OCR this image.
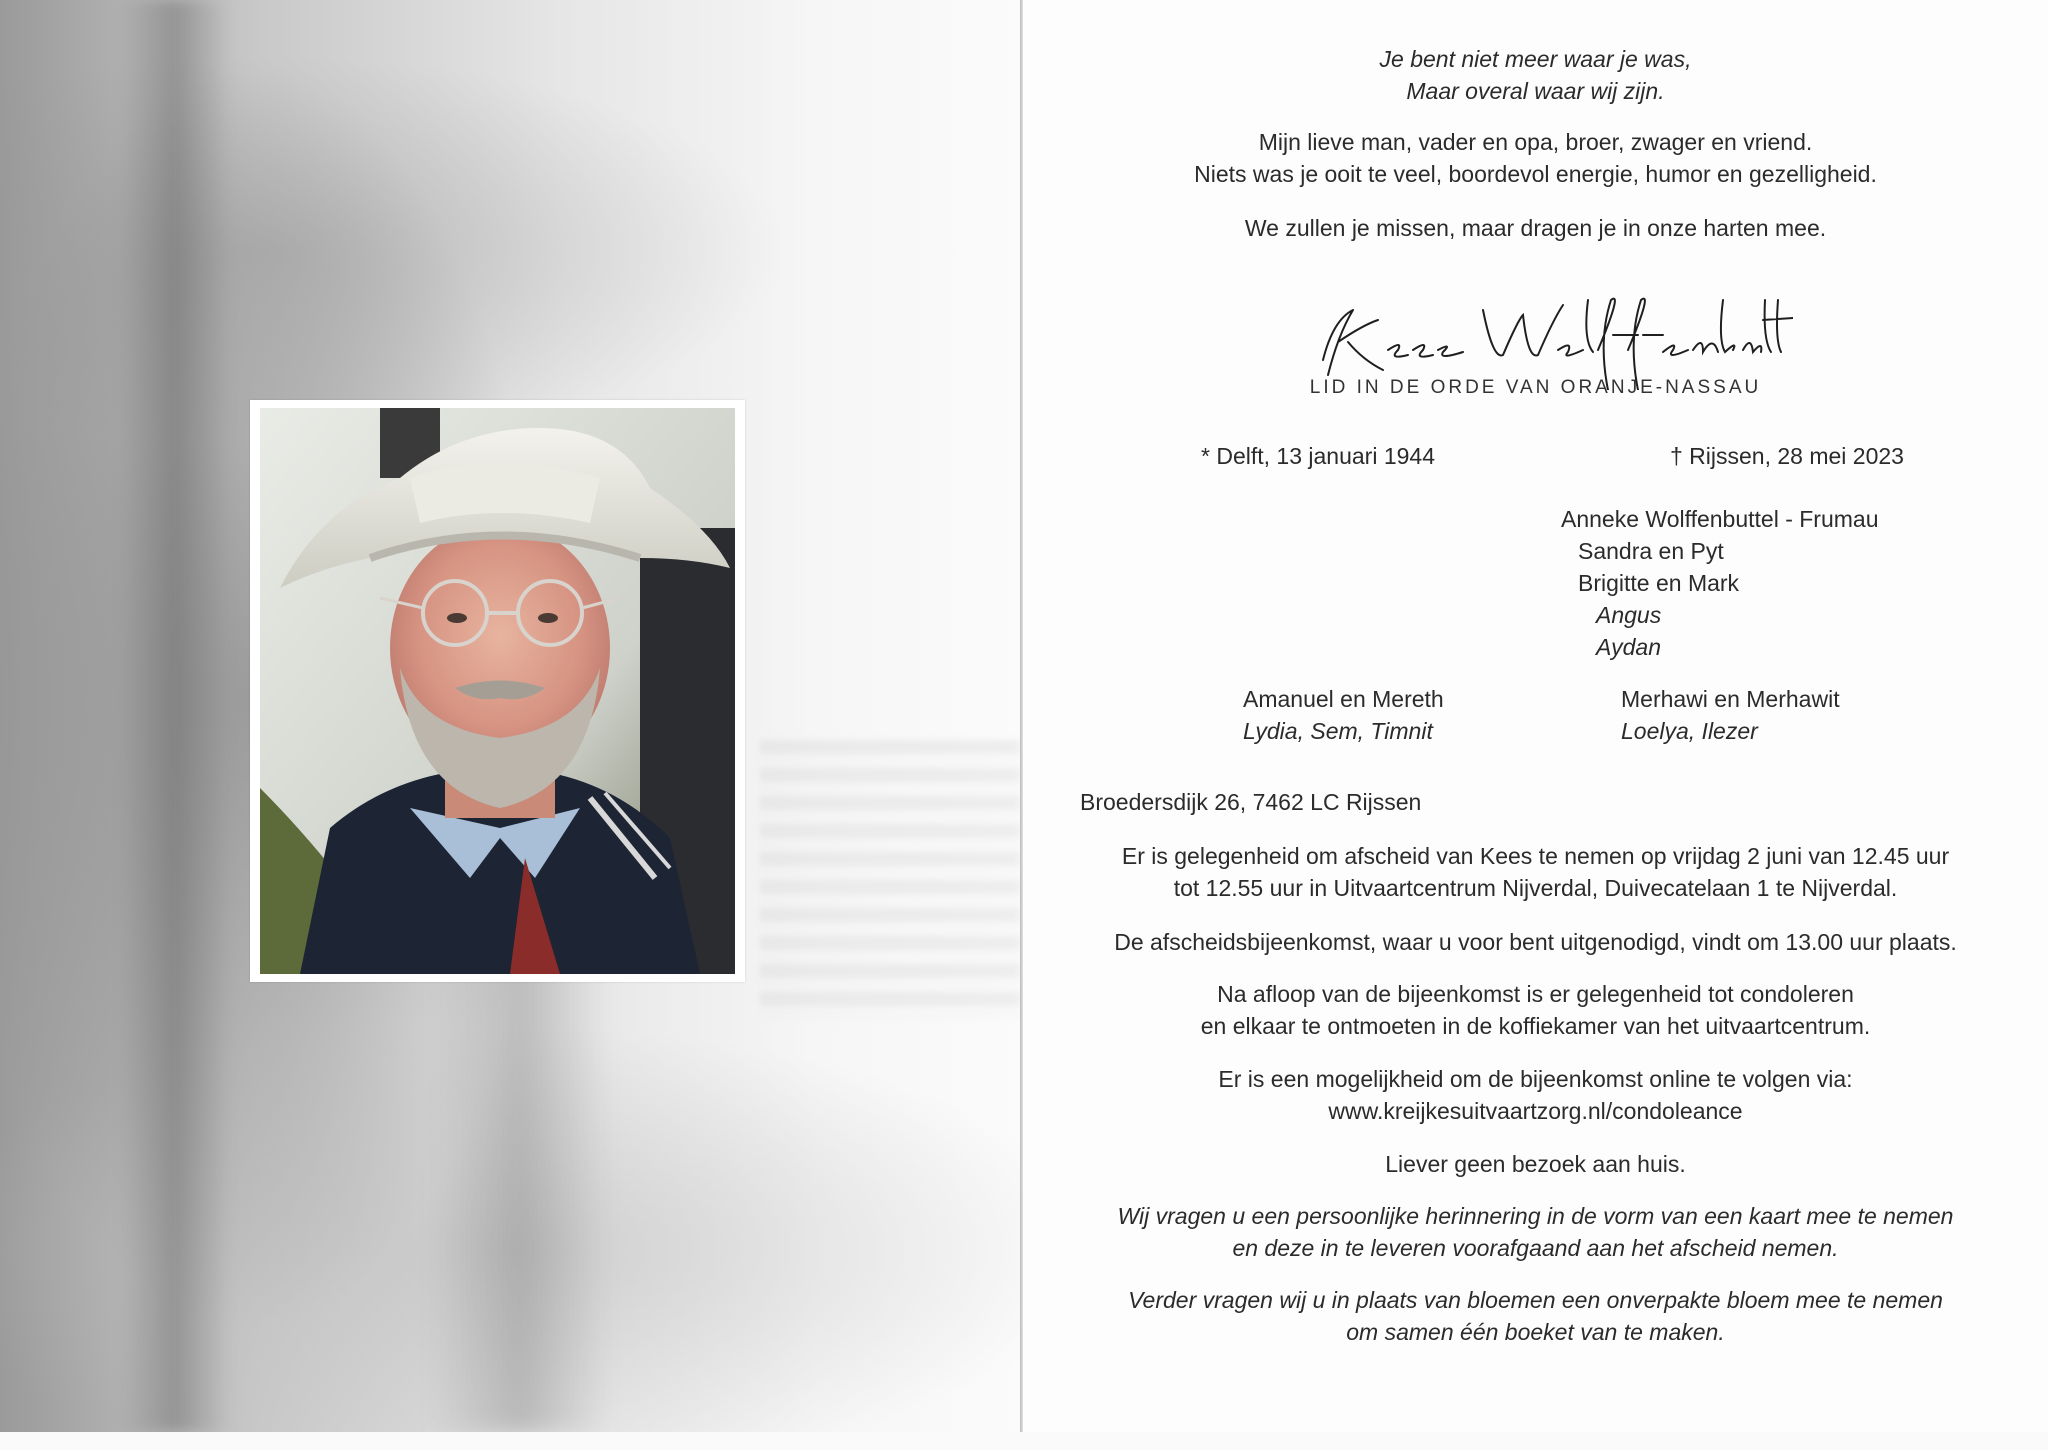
Je bent niet meer waar je was,
Maar overal waar wij zijn.
Mijn lieve man, vader en opa, broer, zwager en vriend.
Niets was je ooit te veel, boordevol energie, humor en gezelligheid.
We zullen je missen, maar dragen je in onze harten mee.
LID IN DE ORDE VAN ORANJE-NASSAU
* Delft, 13 januari 1944	† Rijssen, 28 mei 2023
Anneke Wolffenbuttel - Frumau
Sandra en Pyt
Brigitte en Mark
Angus
Aydan
Amanuel en Mereth
Lydia, Sem, Timnit
Merhawi en Merhawit
Loelya, Ilezer
Broedersdijk 26, 7462 LC Rijssen
Er is gelegenheid om afscheid van Kees te nemen op vrijdag 2 juni van 12.45 uur
tot 12.55 uur in Uitvaartcentrum Nijverdal, Duivecatelaan 1 te Nijverdal.
De afscheidsbijeenkomst, waar u voor bent uitgenodigd, vindt om 13.00 uur plaats.
Na afloop van de bijeenkomst is er gelegenheid tot condoleren
en elkaar te ontmoeten in de koffiekamer van het uitvaartcentrum.
Er is een mogelijkheid om de bijeenkomst online te volgen via:
www.kreijkesuitvaartzorg.nl/condoleance
Liever geen bezoek aan huis.
Wij vragen u een persoonlijke herinnering in de vorm van een kaart mee te nemen
en deze in te leveren voorafgaand aan het afscheid nemen.
Verder vragen wij u in plaats van bloemen een onverpakte bloem mee te nemen
om samen één boeket van te maken.
